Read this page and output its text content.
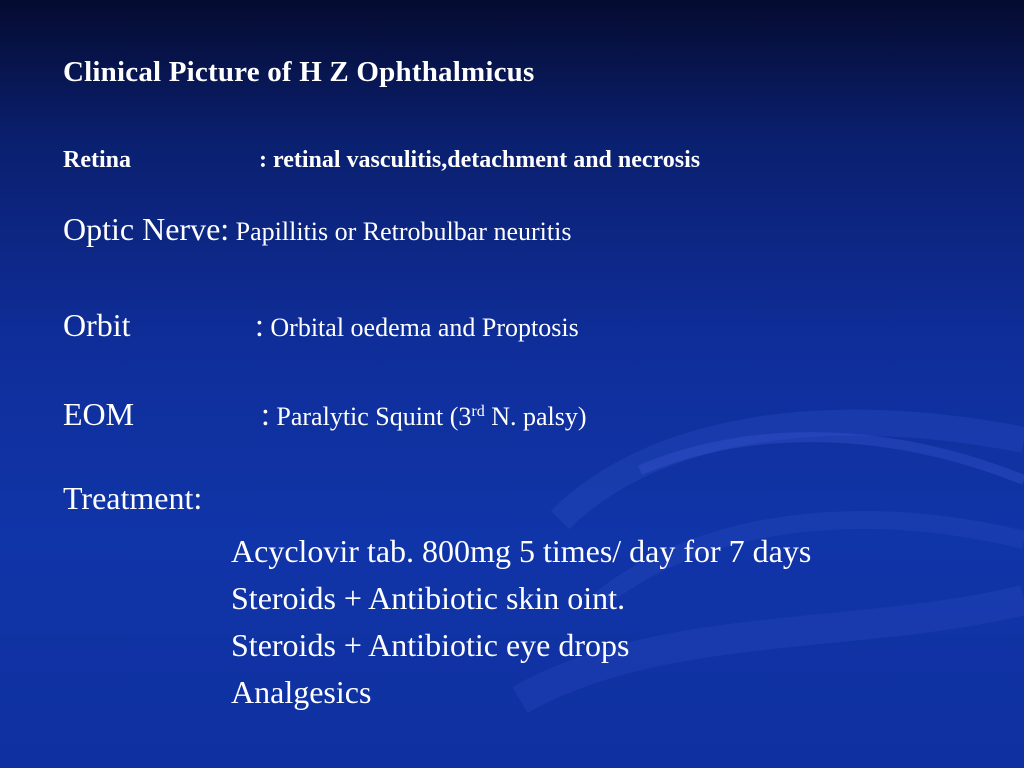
Clinical Picture of H Z Ophthalmicus
Retina	: retinal vasculitis,detachment and necrosis
Optic Nerve: Papillitis or Retrobulbar neuritis
Orbit	: Orbital oedema and Proptosis
EOM	: Paralytic Squint (3rd N. palsy)
Treatment:
Acyclovir tab. 800mg 5 times/ day for 7 days
Steroids + Antibiotic skin oint.
Steroids + Antibiotic eye drops
Analgesics
